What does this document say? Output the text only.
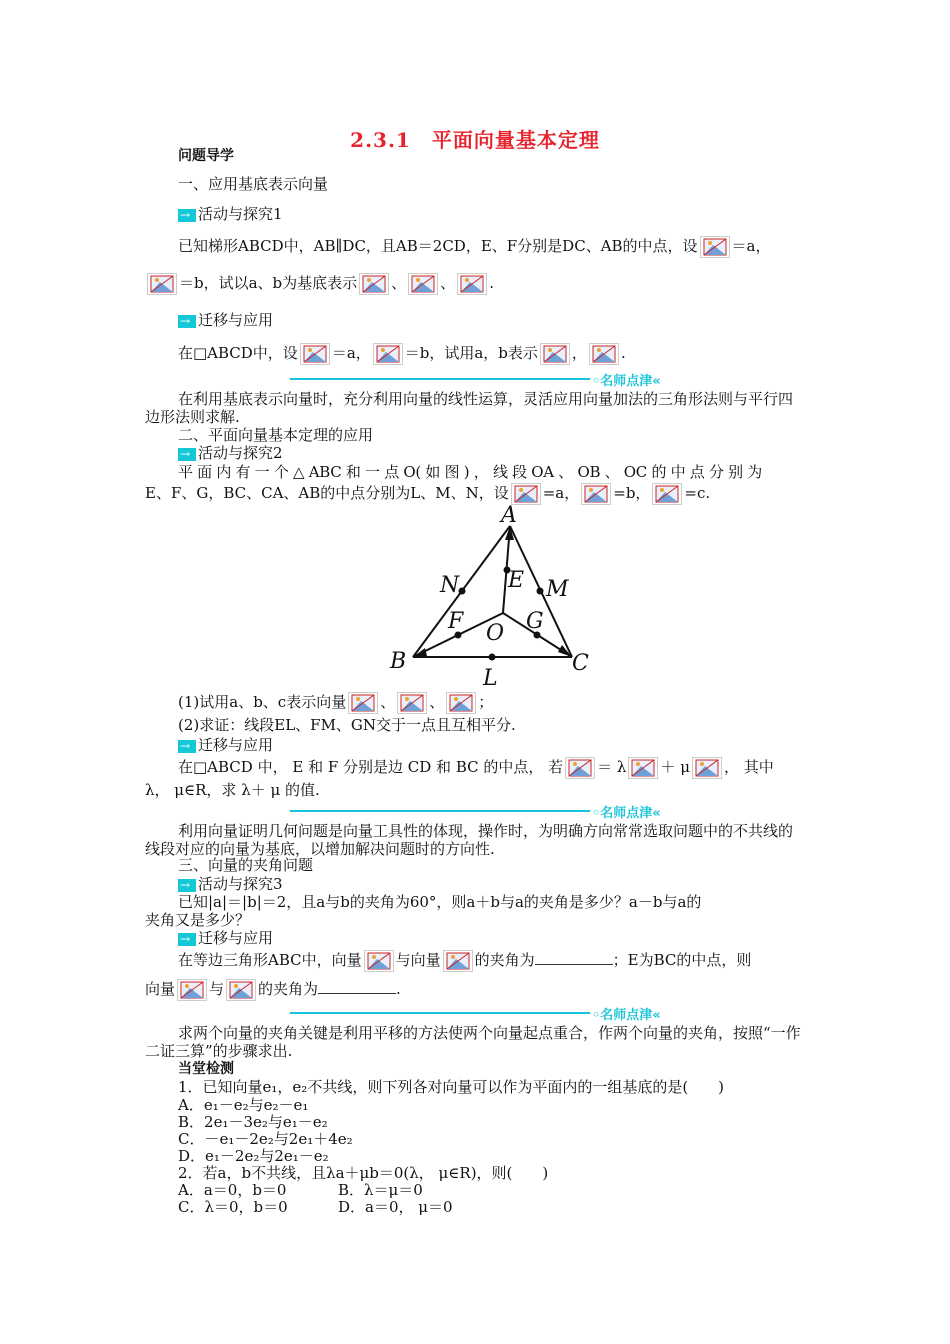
2.3.1　平面向量基本定理
问题导学
一、应用基底表示向量
→活动与探究1
已知梯形ABCD中，AB∥DC，且AB＝2CD，E、F分别是DC、AB的中点，设 ＝a，
＝b，试以a、b为基底表示 、 、 .
→迁移与应用
在□ABCD中，设 ＝a， ＝b，试用a，b表示 ， .
◦名师点津«
在利用基底表示向量时，充分利用向量的线性运算，灵活应用向量加法的三角形法则与平行四边形法则求解.
二、平面向量基本定理的应用
→活动与探究2
平 面 内 有 一 个 △ ABC 和 一 点 O( 如 图 ) ， 线 段 OA 、 OB 、 OC 的 中 点 分 别 为
E、F、G，BC、CA、AB的中点分别为L、M、N，设 =a， =b， =c.
A
N E M
F O G
B
L
C
(1)试用a、b、c表示向量 、 、 ；
(2)求证：线段EL、FM、GN交于一点且互相平分.
→迁移与应用
在□ABCD 中， E 和 F 分别是边 CD 和 BC 的中点， 若 ＝ λ ＋ μ ， 其中
λ， μ∈R，求 λ＋ μ 的值.
◦名师点津«
利用向量证明几何问题是向量工具性的体现，操作时，为明确方向常常选取问题中的不共线的线段对应的向量为基底，以增加解决问题时的方向性.
三、向量的夹角问题
→活动与探究3
已知|a|＝|b|＝2，且a与b的夹角为60°，则a＋b与a的夹角是多少？a－b与a的
夹角又是多少？
→迁移与应用
在等边三角形ABC中，向量 与向量 的夹角为	；E为BC的中点，则
向量 与 的夹角为	.
◦名师点津«
求两个向量的夹角关键是利用平移的方法使两个向量起点重合，作两个向量的夹角，按照“一作二证三算”的步骤求出.
当堂检测
1．已知向量e₁，e₂不共线，则下列各对向量可以作为平面内的一组基底的是(　　)
A．e₁－e₂与e₂－e₁
B．2e₁－3e₂与e₁－e₂
C．－e₁－2e₂与2e₁＋4e₂
D．e₁－2e₂与2e₁－e₂
2．若a，b不共线，且λa＋μb＝0(λ， μ∈R)，则(　　)
A．a＝0，b＝0	B．λ＝μ＝0
C．λ＝0，b＝0	D．a＝0， μ＝0
